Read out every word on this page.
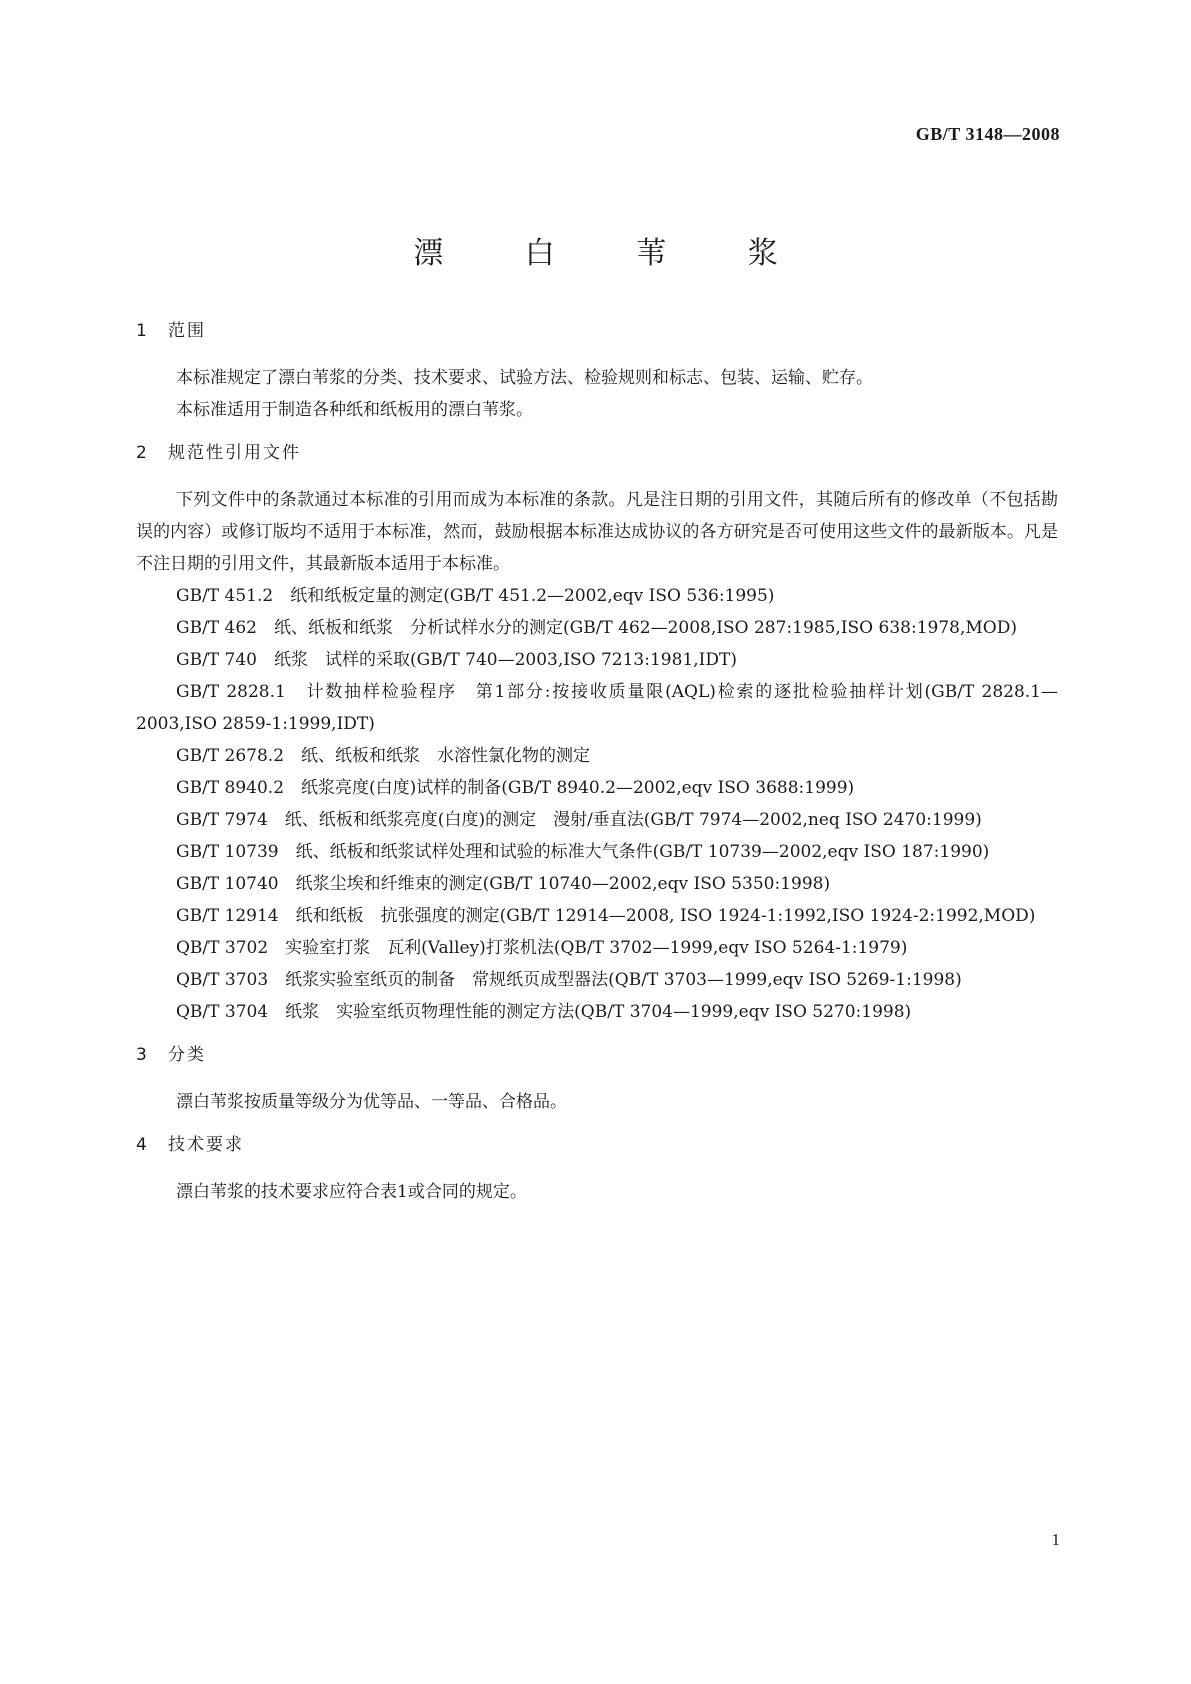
GB/T 3148—2008
漂 白 苇 浆
1 范围

本标准规定了漂白苇浆的分类、技术要求、试验方法、检验规则和标志、包装、运输、贮存。

本标准适用于制造各种纸和纸板用的漂白苇浆。

2 规范性引用文件

下列文件中的条款通过本标准的引用而成为本标准的条款。凡是注日期的引用文件，其随后所有的修改单（不包括勘误的内容）或修订版均不适用于本标准，然而，鼓励根据本标准达成协议的各方研究是否可使用这些文件的最新版本。凡是不注日期的引用文件，其最新版本适用于本标准。

GB/T 451.2　纸和纸板定量的测定(GB/T 451.2—2002,eqv ISO 536:1995)

GB/T 462　纸、纸板和纸浆　分析试样水分的测定(GB/T 462—2008,ISO 287:1985,ISO 638:1978,MOD)

GB/T 740　纸浆　试样的采取(GB/T 740—2003,ISO 7213:1981,IDT)

GB/T 2828.1　计数抽样检验程序　第1部分:按接收质量限(AQL)检索的逐批检验抽样计划(GB/T 2828.1—2003,ISO 2859-1:1999,IDT)

GB/T 2678.2　纸、纸板和纸浆　水溶性氯化物的测定

GB/T 8940.2　纸浆亮度(白度)试样的制备(GB/T 8940.2—2002,eqv ISO 3688:1999)

GB/T 7974　纸、纸板和纸浆亮度(白度)的测定　漫射/垂直法(GB/T 7974—2002,neq ISO 2470:1999)

GB/T 10739　纸、纸板和纸浆试样处理和试验的标准大气条件(GB/T 10739—2002,eqv ISO 187:1990)

GB/T 10740　纸浆尘埃和纤维束的测定(GB/T 10740—2002,eqv ISO 5350:1998)

GB/T 12914　纸和纸板　抗张强度的测定(GB/T 12914—2008, ISO 1924-1:1992,ISO 1924-2:1992,MOD)

QB/T 3702　实验室打浆　瓦利(Valley)打浆机法(QB/T 3702—1999,eqv ISO 5264-1:1979)

QB/T 3703　纸浆实验室纸页的制备　常规纸页成型器法(QB/T 3703—1999,eqv ISO 5269-1:1998)

QB/T 3704　纸浆　实验室纸页物理性能的测定方法(QB/T 3704—1999,eqv ISO 5270:1998)

3 分类

漂白苇浆按质量等级分为优等品、一等品、合格品。

4 技术要求

漂白苇浆的技术要求应符合表1或合同的规定。

1
